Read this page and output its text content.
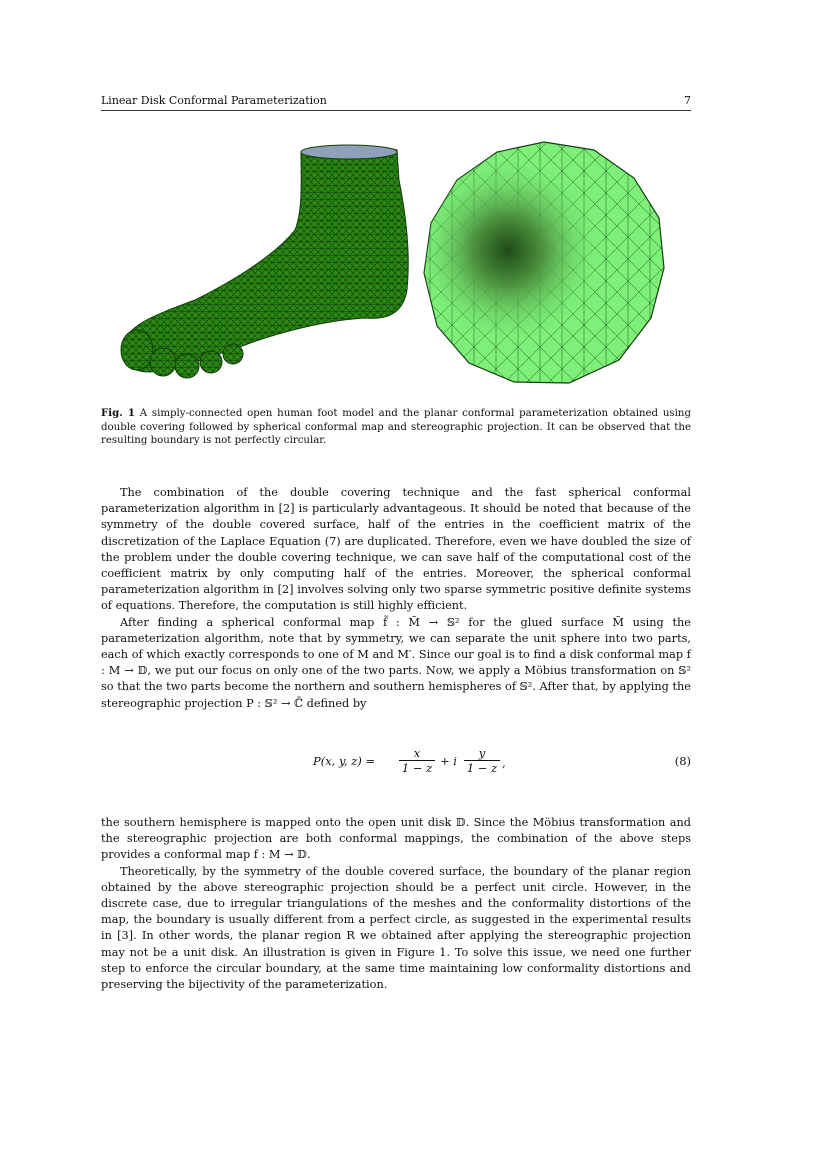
Linear Disk Conformal Parameterization	7
Fig. 1 A simply-connected open human foot model and the planar conformal parameterization obtained using double covering followed by spherical conformal map and stereographic projection. It can be observed that the resulting boundary is not perfectly circular.

The combination of the double covering technique and the fast spherical conformal parameterization algorithm in [2] is particularly advantageous. It should be noted that because of the symmetry of the double covered surface, half of the entries in the coefficient matrix of the discretization of the Laplace Equation (7) are duplicated. Therefore, even we have doubled the size of the problem under the double covering technique, we can save half of the computational cost of the coefficient matrix by only computing half of the entries. Moreover, the spherical conformal parameterization algorithm in [2] involves solving only two sparse symmetric positive definite systems of equations. Therefore, the computation is still highly efficient.

After finding a spherical conformal map f̃ : M̃ → 𝕊² for the glued surface M̃ using the parameterization algorithm, note that by symmetry, we can separate the unit sphere into two parts, each of which exactly corresponds to one of M and M′. Since our goal is to find a disk conformal map f : M → 𝔻, we put our focus on only one of the two parts. Now, we apply a Möbius transformation on 𝕊² so that the two parts become the northern and southern hemispheres of 𝕊². After that, by applying the stereographic projection P : 𝕊² → ℂ̄ defined by

P(x, y, $z) = \frac{x}{1 - z} + i \frac{y}{1 - z}$ ,	(8)

the southern hemisphere is mapped onto the open unit disk 𝔻. Since the Möbius transformation and the stereographic projection are both conformal mappings, the combination of the above steps provides a conformal map f : M → 𝔻.

Theoretically, by the symmetry of the double covered surface, the boundary of the planar region obtained by the above stereographic projection should be a perfect unit circle. However, in the discrete case, due to irregular triangulations of the meshes and the conformality distortions of the map, the boundary is usually different from a perfect circle, as suggested in the experimental results in [3]. In other words, the planar region R we obtained after applying the stereographic projection may not be a unit disk. An illustration is given in Figure 1. To solve this issue, we need one further step to enforce the circular boundary, at the same time maintaining low conformality distortions and preserving the bijectivity of the parameterization.
